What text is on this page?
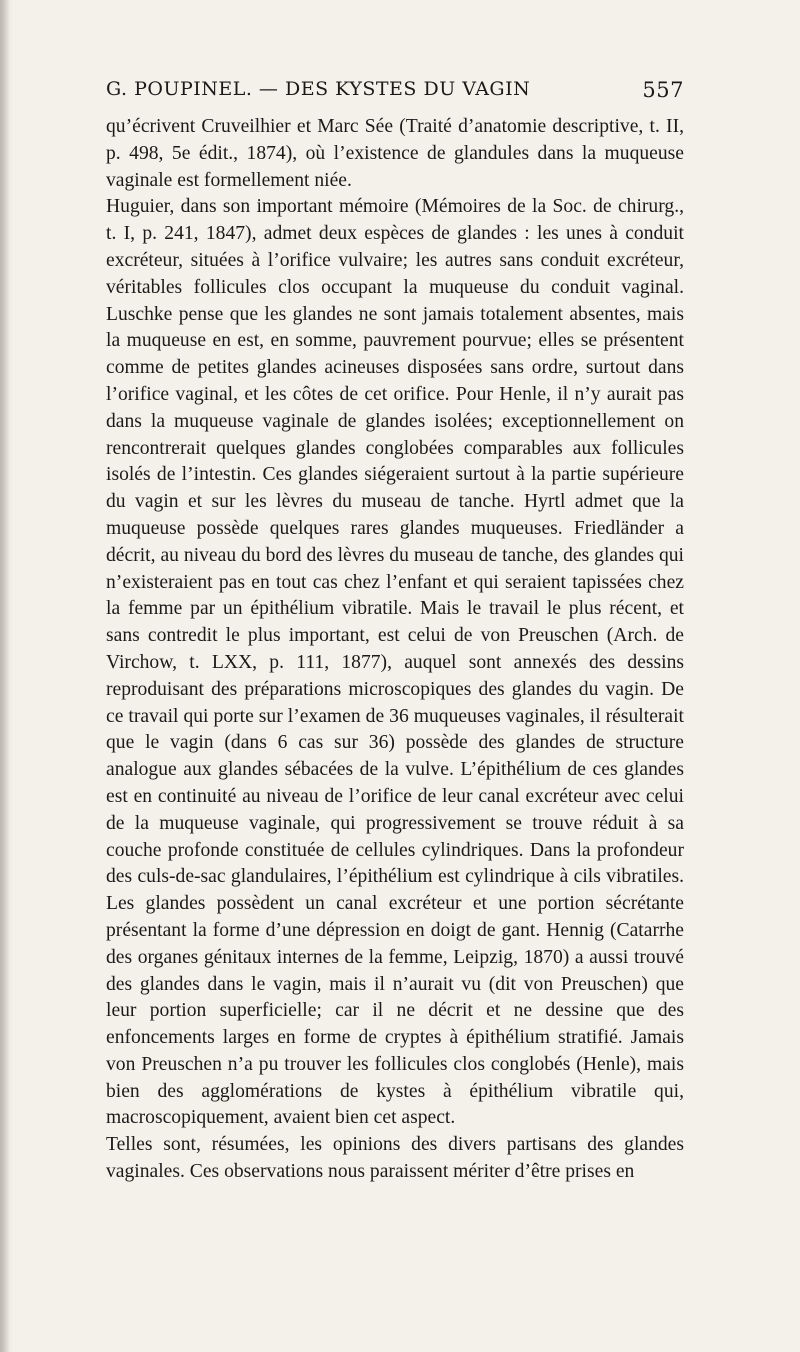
G. POUPINEL. — DES KYSTES DU VAGIN	557

qu’écrivent Cruveilhier et Marc Sée (Traité d’anatomie descriptive, t. II, p. 498, 5e édit., 1874), où l’existence de glandules dans la muqueuse vaginale est formellement niée.

Huguier, dans son important mémoire (Mémoires de la Soc. de chirurg., t. I, p. 241, 1847), admet deux espèces de glandes : les unes à conduit excréteur, situées à l’orifice vulvaire; les autres sans conduit excréteur, véritables follicules clos occupant la muqueuse du conduit vaginal. Luschke pense que les glandes ne sont jamais totalement absentes, mais la muqueuse en est, en somme, pauvrement pourvue; elles se présentent comme de petites glandes acineuses disposées sans ordre, surtout dans l’orifice vaginal, et les côtes de cet orifice. Pour Henle, il n’y aurait pas dans la muqueuse vaginale de glandes isolées; exceptionnellement on rencontrerait quelques glandes conglobées comparables aux follicules isolés de l’intestin. Ces glandes siégeraient surtout à la partie supérieure du vagin et sur les lèvres du museau de tanche. Hyrtl admet que la muqueuse possède quelques rares glandes muqueuses. Friedländer a décrit, au niveau du bord des lèvres du museau de tanche, des glandes qui n’existeraient pas en tout cas chez l’enfant et qui seraient tapissées chez la femme par un épithélium vibratile. Mais le travail le plus récent, et sans contredit le plus important, est celui de von Preuschen (Arch. de Virchow, t. LXX, p. 111, 1877), auquel sont annexés des dessins reproduisant des préparations microscopiques des glandes du vagin. De ce travail qui porte sur l’examen de 36 muqueuses vaginales, il résulterait que le vagin (dans 6 cas sur 36) possède des glandes de structure analogue aux glandes sébacées de la vulve. L’épithélium de ces glandes est en continuité au niveau de l’orifice de leur canal excréteur avec celui de la muqueuse vaginale, qui progressivement se trouve réduit à sa couche profonde constituée de cellules cylindriques. Dans la profondeur des culs-de-sac glandulaires, l’épithélium est cylindrique à cils vibratiles. Les glandes possèdent un canal excréteur et une portion sécrétante présentant la forme d’une dépression en doigt de gant. Hennig (Catarrhe des organes génitaux internes de la femme, Leipzig, 1870) a aussi trouvé des glandes dans le vagin, mais il n’aurait vu (dit von Preuschen) que leur portion superficielle; car il ne décrit et ne dessine que des enfoncements larges en forme de cryptes à épithélium stratifié. Jamais von Preuschen n’a pu trouver les follicules clos conglobés (Henle), mais bien des agglomérations de kystes à épithélium vibratile qui, macroscopiquement, avaient bien cet aspect.

Telles sont, résumées, les opinions des divers partisans des glandes vaginales. Ces observations nous paraissent mériter d’être prises en
